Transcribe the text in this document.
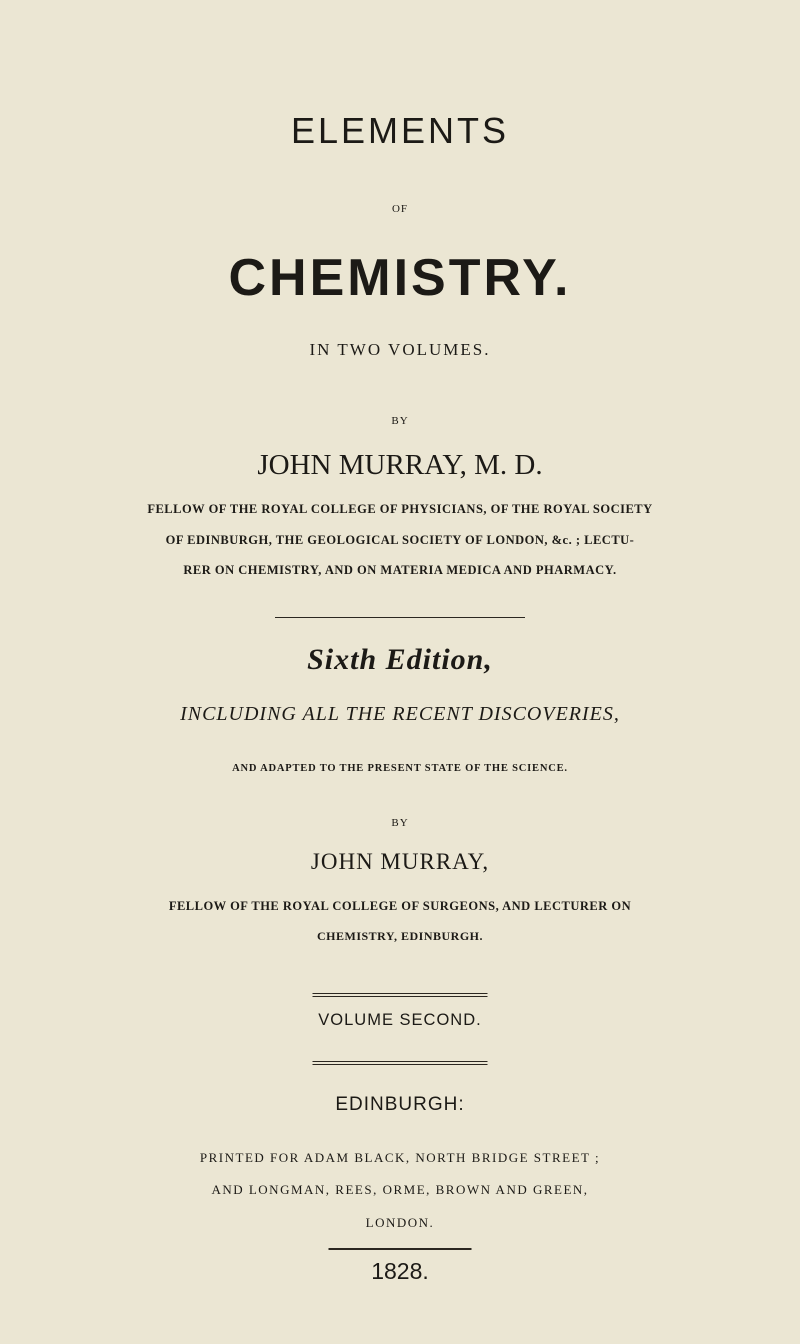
ELEMENTS
OF
CHEMISTRY.
IN TWO VOLUMES.
BY
JOHN MURRAY, M. D.
FELLOW OF THE ROYAL COLLEGE OF PHYSICIANS, OF THE ROYAL SOCIETY
OF EDINBURGH, THE GEOLOGICAL SOCIETY OF LONDON, &c. ; LECTU-
RER ON CHEMISTRY, AND ON MATERIA MEDICA AND PHARMACY.
Sixth Edition,
INCLUDING ALL THE RECENT DISCOVERIES,
AND ADAPTED TO THE PRESENT STATE OF THE SCIENCE.
BY
JOHN MURRAY,
FELLOW OF THE ROYAL COLLEGE OF SURGEONS, AND LECTURER ON
CHEMISTRY, EDINBURGH.
VOLUME SECOND.
EDINBURGH:
PRINTED FOR ADAM BLACK, NORTH BRIDGE STREET ;
AND LONGMAN, REES, ORME, BROWN AND GREEN,
LONDON.
1828.
